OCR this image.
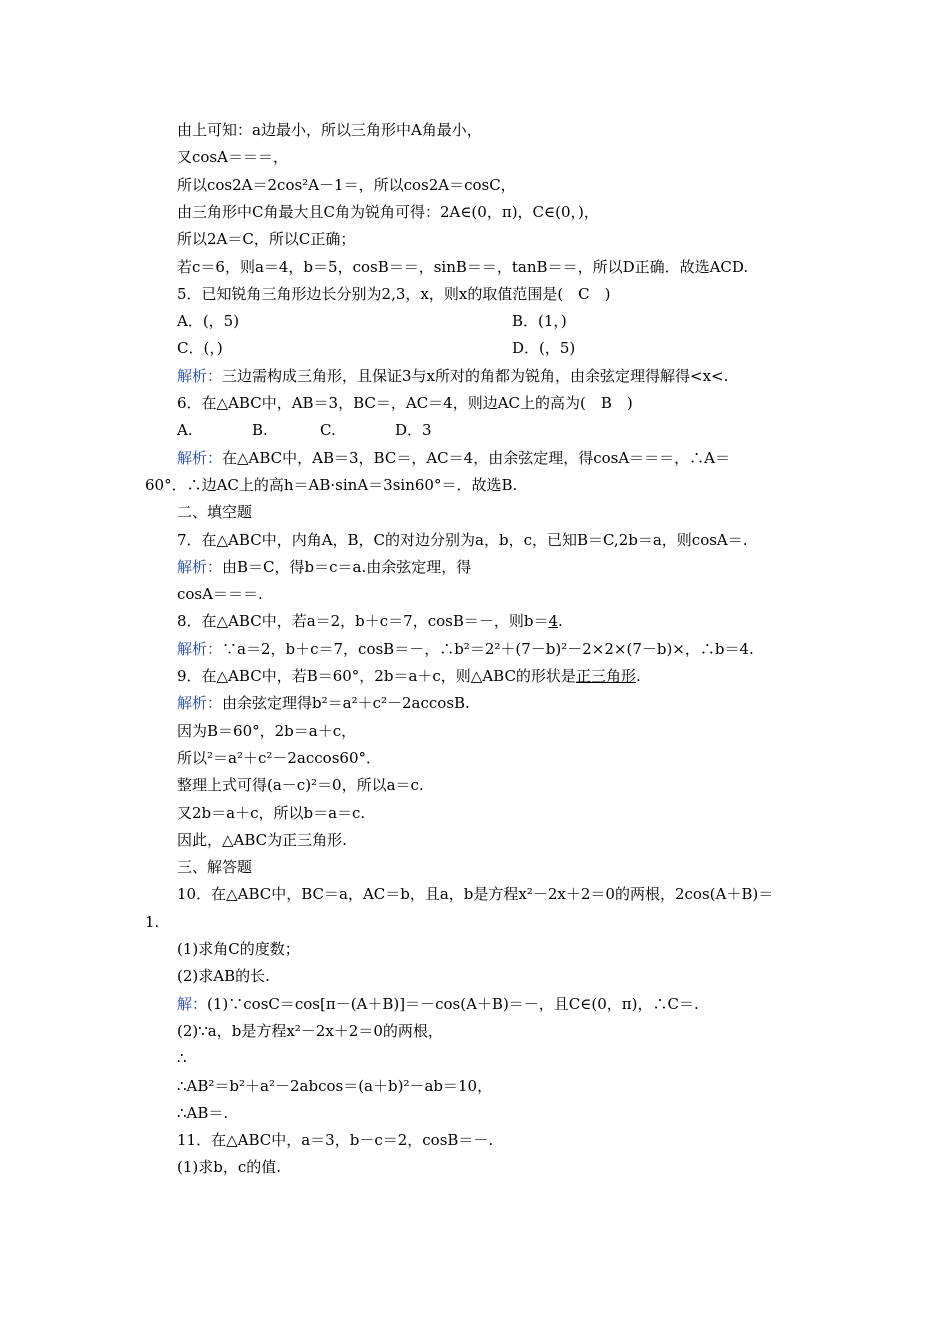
由上可知：a边最小，所以三角形中A角最小，
又cosA＝＝＝，
所以cos2A＝2cos²A－1＝，所以cos2A＝cosC，
由三角形中C角最大且C角为锐角可得：2A∈(0，π)，C∈(0，)，
所以2A＝C，所以C正确；
若c＝6，则a＝4，b＝5，cosB＝＝，sinB＝＝，tanB＝＝，所以D正确．故选ACD.
5．已知锐角三角形边长分别为2,3，x，则x的取值范围是(　C　)
A．(，5)	B．(1，)
C．(，)	D．(，5)
解析：三边需构成三角形，且保证3与x所对的角都为锐角，由余弦定理得解得<x<.
6．在△ABC中，AB＝3，BC＝，AC＝4，则边AC上的高为(　B　)
A.	B.	C.	D．3
解析：在△ABC中，AB＝3，BC＝，AC＝4，由余弦定理，得cosA＝＝＝，∴A＝
60°．∴边AC上的高h＝AB·sinA＝3sin60°＝．故选B.
二、填空题
7．在△ABC中，内角A，B，C的对边分别为a，b，c，已知B＝C,2b＝a，则cosA＝.
解析：由B＝C，得b＝c＝a.由余弦定理，得
cosA＝＝＝.
8．在△ABC中，若a＝2，b＋c＝7，cosB＝－，则b＝4.
解析：∵a＝2，b＋c＝7，cosB＝－，∴b²＝2²＋(7－b)²－2×2×(7－b)×，∴b＝4.
9．在△ABC中，若B＝60°，2b＝a＋c，则△ABC的形状是正三角形.
解析：由余弦定理得b²＝a²＋c²－2accosB.
因为B＝60°，2b＝a＋c，
所以²＝a²＋c²－2accos60°．
整理上式可得(a－c)²＝0，所以a＝c.
又2b＝a＋c，所以b＝a＝c.
因此，△ABC为正三角形.
三、解答题
10．在△ABC中，BC＝a，AC＝b，且a，b是方程x²－2x＋2＝0的两根，2cos(A＋B)＝
1.
(1)求角C的度数；
(2)求AB的长.
解：(1)∵cosC＝cos[π－(A＋B)]＝－cos(A＋B)＝－，且C∈(0，π)，∴C＝.
(2)∵a，b是方程x²－2x＋2＝0的两根，
∴
∴AB²＝b²＋a²－2abcos＝(a＋b)²－ab＝10，
∴AB＝.
11．在△ABC中，a＝3，b－c＝2，cosB＝－.
(1)求b，c的值.
